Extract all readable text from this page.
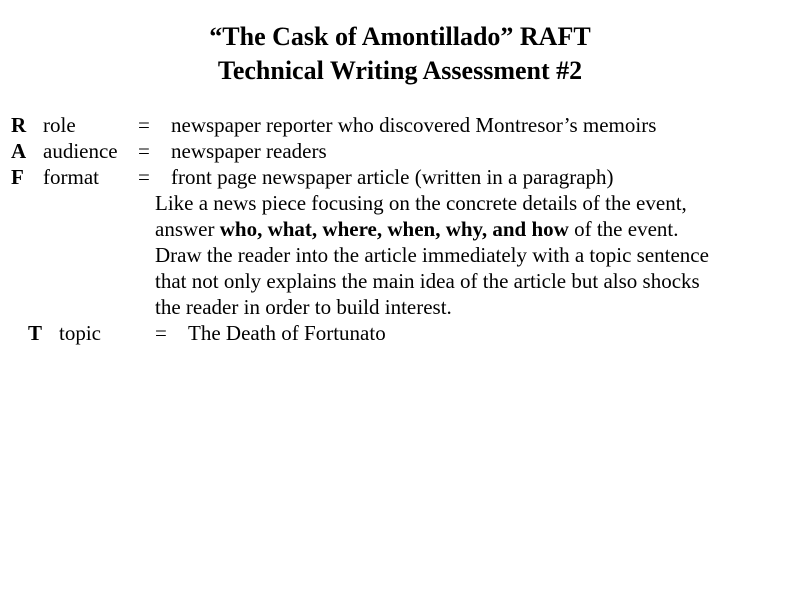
“The Cask of Amontillado” RAFT
Technical Writing Assessment #2
R role	= newspaper reporter who discovered Montresor’s memoirs
A audience = newspaper readers
F format = front page newspaper article (written in a paragraph)
Like a news piece focusing on the concrete details of the event,
answer who, what, where, when, why, and how of the event.
Draw the reader into the article immediately with a topic sentence
that not only explains the main idea of the article but also shocks
the reader in order to build interest.
T topic	= The Death of Fortunato
